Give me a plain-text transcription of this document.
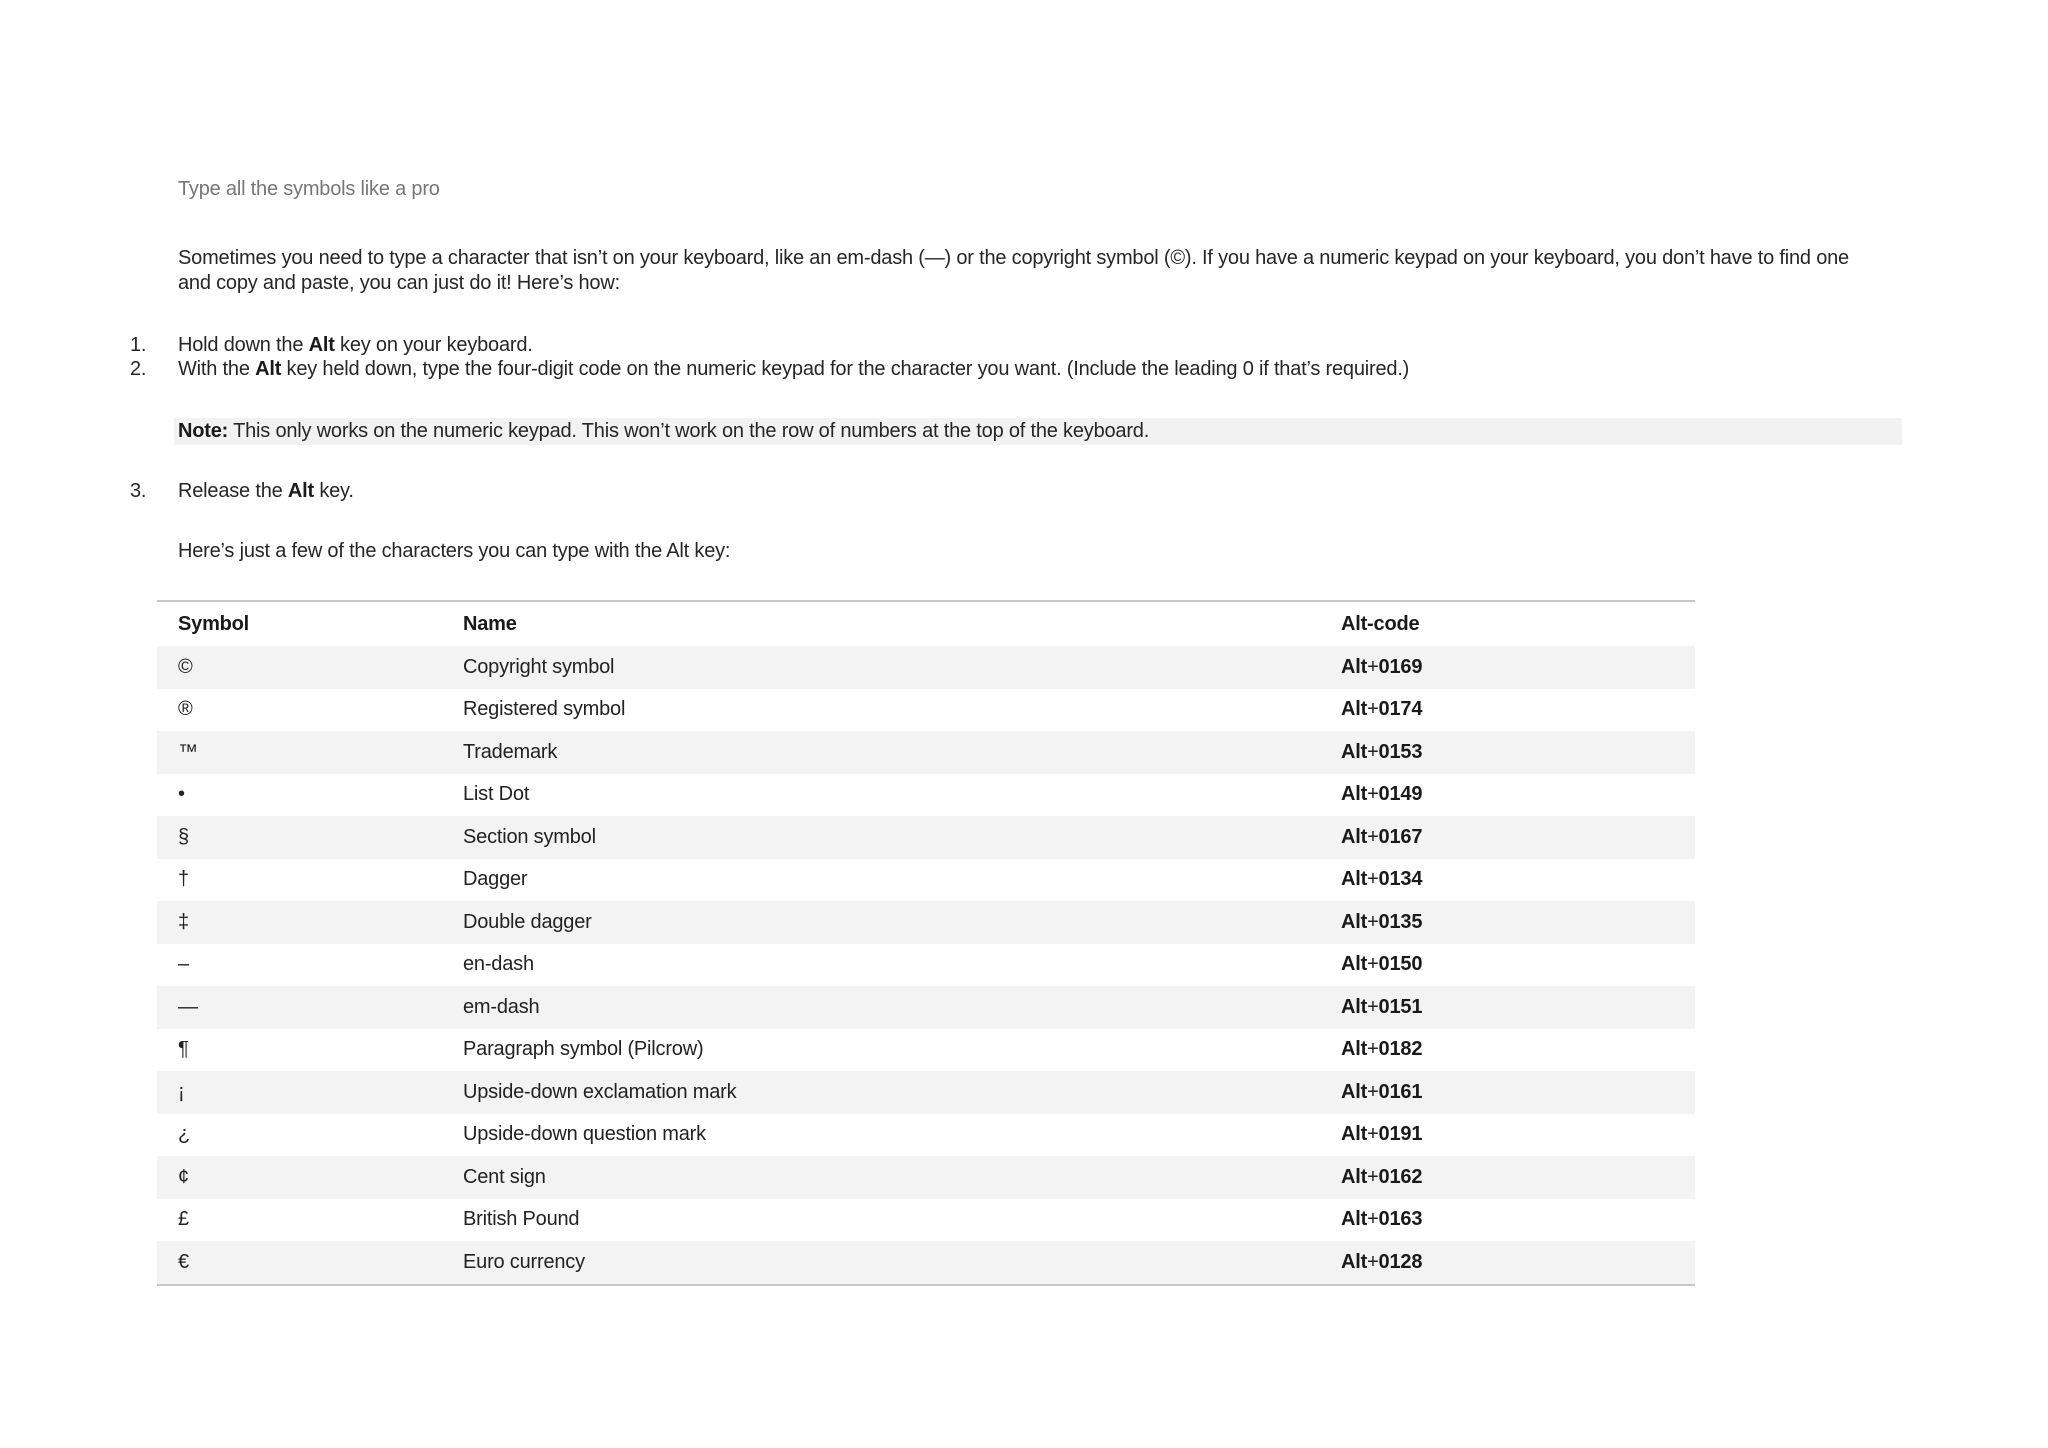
Type all the symbols like a pro
Sometimes you need to type a character that isn’t on your keyboard, like an em-dash (—) or the copyright symbol (©). If you have a numeric keypad on your keyboard, you don’t have to find one and copy and paste, you can just do it! Here’s how:
1.	Hold down the Alt key on your keyboard.
2.	With the Alt key held down, type the four-digit code on the numeric keypad for the character you want. (Include the leading 0 if that’s required.)
Note: This only works on the numeric keypad. This won’t work on the row of numbers at the top of the keyboard.
3.	Release the Alt key.
Here’s just a few of the characters you can type with the Alt key:
Symbol	Name	Alt-code
©	Copyright symbol	Alt+0169
®	Registered symbol	Alt+0174
™	Trademark	Alt+0153
•	List Dot	Alt+0149
§	Section symbol	Alt+0167
†	Dagger	Alt+0134
‡	Double dagger	Alt+0135
–	en-dash	Alt+0150
—	em-dash	Alt+0151
¶	Paragraph symbol (Pilcrow)	Alt+0182
¡	Upside-down exclamation mark	Alt+0161
¿	Upside-down question mark	Alt+0191
¢	Cent sign	Alt+0162
£	British Pound	Alt+0163
€	Euro currency	Alt+0128
